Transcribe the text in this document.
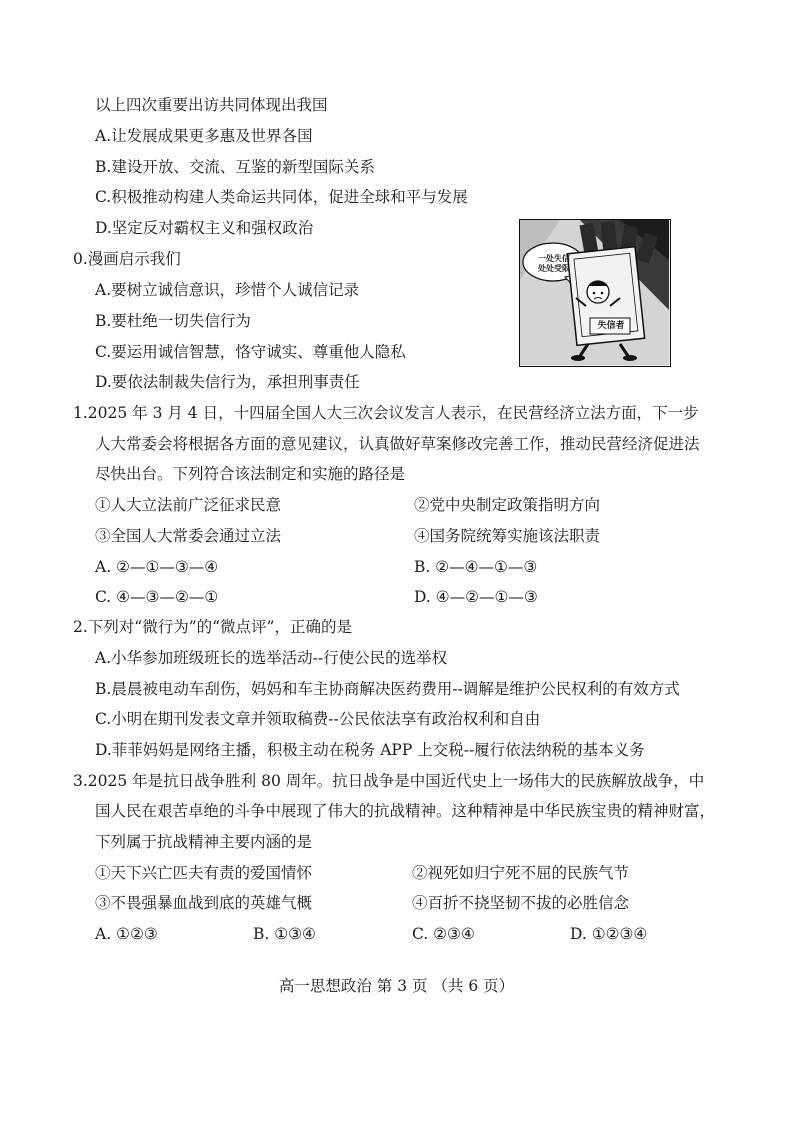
以上四次重要出访共同体现出我国
A.让发展成果更多惠及世界各国
B.建设开放、交流、互鉴的新型国际关系
C.积极推动构建人类命运共同体，促进全球和平与发展
D.坚定反对霸权主义和强权政治
0.漫画启示我们
A.要树立诚信意识，珍惜个人诚信记录
B.要杜绝一切失信行为
C.要运用诚信智慧，恪守诚实、尊重他人隐私
D.要依法制裁失信行为，承担刑事责任
一处失信
处处受限
失信者
1.2025 年 3 月 4 日，十四届全国人大三次会议发言人表示，在民营经济立法方面，下一步
人大常委会将根据各方面的意见建议，认真做好草案修改完善工作，推动民营经济促进法
尽快出台。下列符合该法制定和实施的路径是
①人大立法前广泛征求民意	②党中央制定政策指明方向
③全国人大常委会通过立法	④国务院统筹实施该法职责
A. ②—①—③—④	B. ②—④—①—③
C. ④—③—②—①	D. ④—②—①—③
2.下列对“微行为”的“微点评”，正确的是
A.小华参加班级班长的选举活动--行使公民的选举权
B.晨晨被电动车刮伤，妈妈和车主协商解决医药费用--调解是维护公民权利的有效方式
C.小明在期刊发表文章并领取稿费--公民依法享有政治权利和自由
D.菲菲妈妈是网络主播，积极主动在税务 APP 上交税--履行依法纳税的基本义务
3.2025 年是抗日战争胜利 80 周年。抗日战争是中国近代史上一场伟大的民族解放战争，中
国人民在艰苦卓绝的斗争中展现了伟大的抗战精神。这种精神是中华民族宝贵的精神财富，
下列属于抗战精神主要内涵的是
①天下兴亡匹夫有责的爱国情怀	②视死如归宁死不屈的民族气节
③不畏强暴血战到底的英雄气概	④百折不挠坚韧不拔的必胜信念
A. ①②③	B. ①③④	C. ②③④	D. ①②③④
高一思想政治 第 3 页 （共 6 页）
